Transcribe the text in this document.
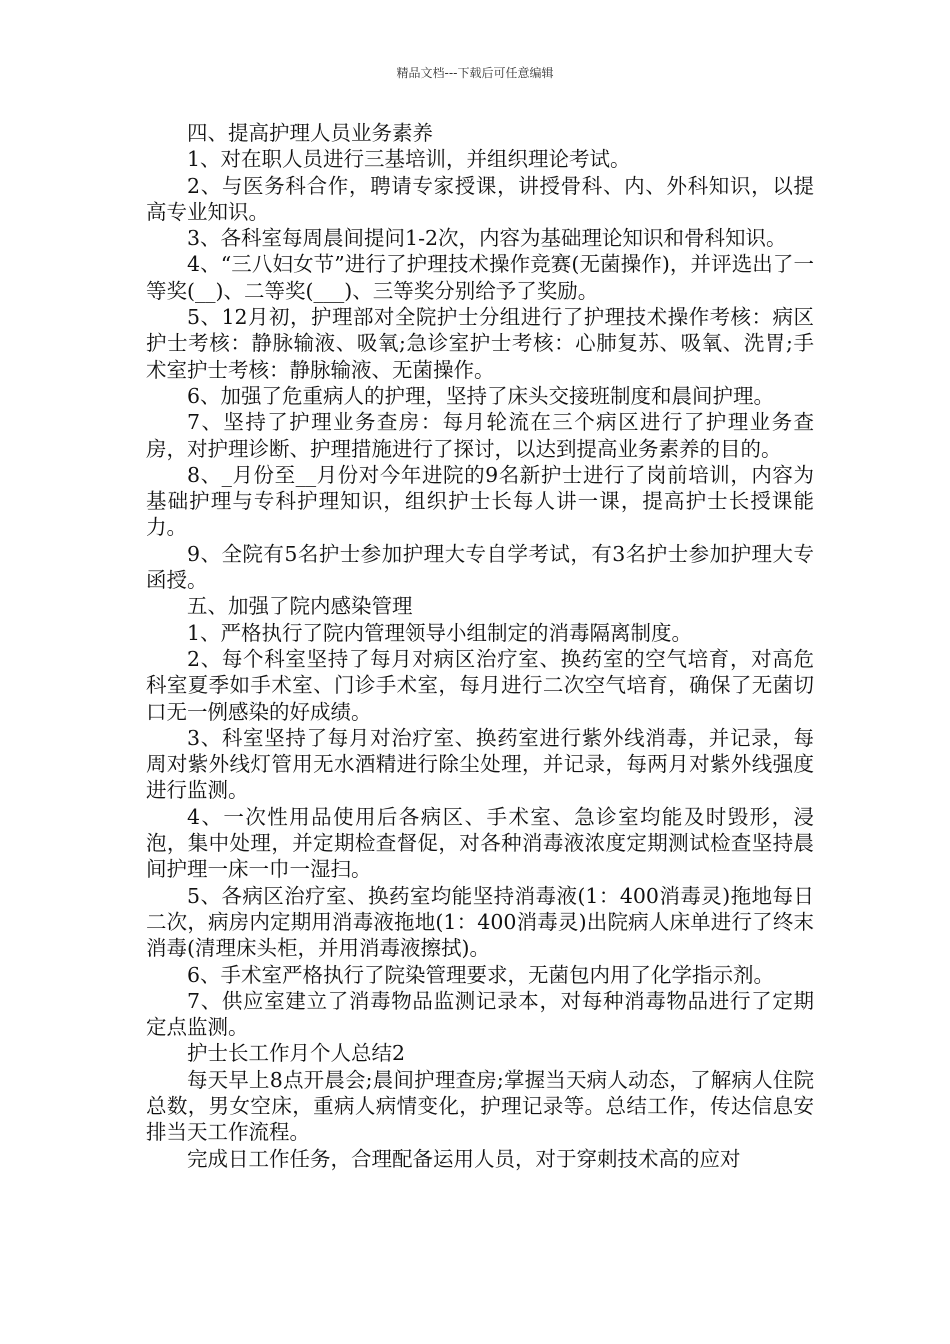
精品文档---下载后可任意编辑

四、提高护理人员业务素养

1、对在职人员进行三基培训，并组织理论考试。

2、与医务科合作，聘请专家授课，讲授骨科、内、外科知识，以提高专业知识。

3、各科室每周晨间提问1-2次，内容为基础理论知识和骨科知识。

4、“三八妇女节”进行了护理技术操作竞赛(无菌操作)，并评选出了一等奖(__)、二等奖(___)、三等奖分别给予了奖励。

5、12月初，护理部对全院护士分组进行了护理技术操作考核：病区护士考核：静脉输液、吸氧;急诊室护士考核：心肺复苏、吸氧、洗胃;手术室护士考核：静脉输液、无菌操作。

6、加强了危重病人的护理，坚持了床头交接班制度和晨间护理。

7、坚持了护理业务查房：每月轮流在三个病区进行了护理业务查房，对护理诊断、护理措施进行了探讨，以达到提高业务素养的目的。

8、_月份至__月份对今年进院的9名新护士进行了岗前培训，内容为基础护理与专科护理知识，组织护士长每人讲一课，提高护士长授课能力。

9、全院有5名护士参加护理大专自学考试，有3名护士参加护理大专函授。

五、加强了院内感染管理

1、严格执行了院内管理领导小组制定的消毒隔离制度。

2、每个科室坚持了每月对病区治疗室、换药室的空气培育，对高危科室夏季如手术室、门诊手术室，每月进行二次空气培育，确保了无菌切口无一例感染的好成绩。

3、科室坚持了每月对治疗室、换药室进行紫外线消毒，并记录，每周对紫外线灯管用无水酒精进行除尘处理，并记录，每两月对紫外线强度进行监测。

4、一次性用品使用后各病区、手术室、急诊室均能及时毁形，浸泡，集中处理，并定期检查督促，对各种消毒液浓度定期测试检查坚持晨间护理一床一巾一湿扫。

5、各病区治疗室、换药室均能坚持消毒液(1：400消毒灵)拖地每日二次，病房内定期用消毒液拖地(1：400消毒灵)出院病人床单进行了终末消毒(清理床头柜，并用消毒液擦拭)。

6、手术室严格执行了院染管理要求，无菌包内用了化学指示剂。

7、供应室建立了消毒物品监测记录本，对每种消毒物品进行了定期定点监测。

护士长工作月个人总结2

每天早上8点开晨会;晨间护理查房;掌握当天病人动态，了解病人住院总数，男女空床，重病人病情变化，护理记录等。总结工作，传达信息安排当天工作流程。

完成日工作任务，合理配备运用人员，对于穿刺技术高的应对
